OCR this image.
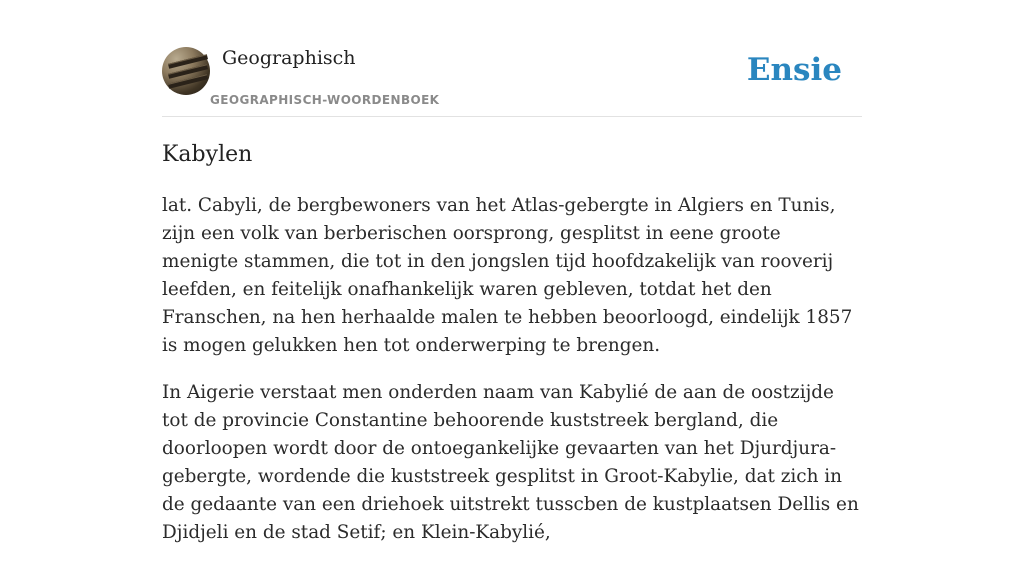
Geographisch
GEOGRAPHISCH-WOORDENBOEK
Ensie
Kabylen

lat. Cabyli, de bergbewoners van het Atlas-gebergte in Algiers en Tunis, zijn een volk van berberischen oorsprong, gesplitst in eene groote menigte stammen, die tot in den jongslen tijd hoofdzakelijk van rooverij leefden, en feitelijk onafhankelijk waren gebleven, totdat het den Franschen, na hen herhaalde malen te hebben beoorloogd, eindelijk 1857 is mogen gelukken hen tot onderwerping te brengen.

In Aigerie verstaat men onderden naam van Kabylié de aan de oostzijde tot de provincie Constantine behoorende kuststreek bergland, die doorloopen wordt door de ontoegankelijke gevaarten van het Djurdjura-gebergte, wordende die kuststreek gesplitst in Groot-Kabylie, dat zich in de gedaante van een driehoek uitstrekt tusscben de kustplaatsen Dellis en Djidjeli en de stad Setif; en Klein-Kabylié,
